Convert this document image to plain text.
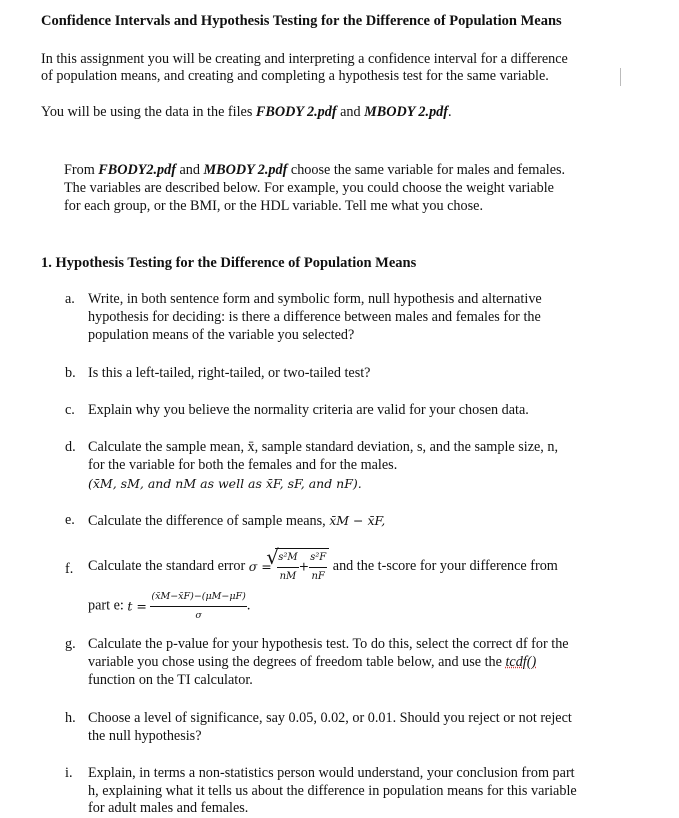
Confidence Intervals and Hypothesis Testing for the Difference of Population Means
In this assignment you will be creating and interpreting a confidence interval for a difference
of population means, and creating and completing a hypothesis test for the same variable.
You will be using the data in the files FBODY 2.pdf and MBODY 2.pdf.
From FBODY2.pdf and MBODY 2.pdf choose the same variable for males and females.
The variables are described below. For example, you could choose the weight variable
for each group, or the BMI, or the HDL variable. Tell me what you chose.
1. Hypothesis Testing for the Difference of Population Means
a. Write, in both sentence form and symbolic form, null hypothesis and alternative
hypothesis for deciding: is there a difference between males and females for the
population means of the variable you selected?
b. Is this a left-tailed, right-tailed, or two-tailed test?
c. Explain why you believe the normality criteria are valid for your chosen data.
d. Calculate the sample mean, x̄, sample standard deviation, s, and the sample size, n,
for the variable for both the females and for the males.
(x̄M, sM, and nM as well as x̄F, sF, and nF).
e. Calculate the difference of sample means, x̄M − x̄F,
f.	Calculate the standard error σ =
√
$\frac{\text{s²M}}{nM} + \frac{\text{s²F}}{nF}$ and the t-score for your difference from
part e: $t = \frac{(x̄M-x̄F)-(\mu M-\mu F)}{\sigma}$ .
g. Calculate the p-value for your hypothesis test. To do this, select the correct df for the
variable you chose using the degrees of freedom table below, and use the tcdf()
function on the TI calculator.
h. Choose a level of significance, say 0.05, 0.02, or 0.01. Should you reject or not reject
the null hypothesis?
i.	Explain, in terms a non-statistics person would understand, your conclusion from part
h, explaining what it tells us about the difference in population means for this variable
for adult males and females.
